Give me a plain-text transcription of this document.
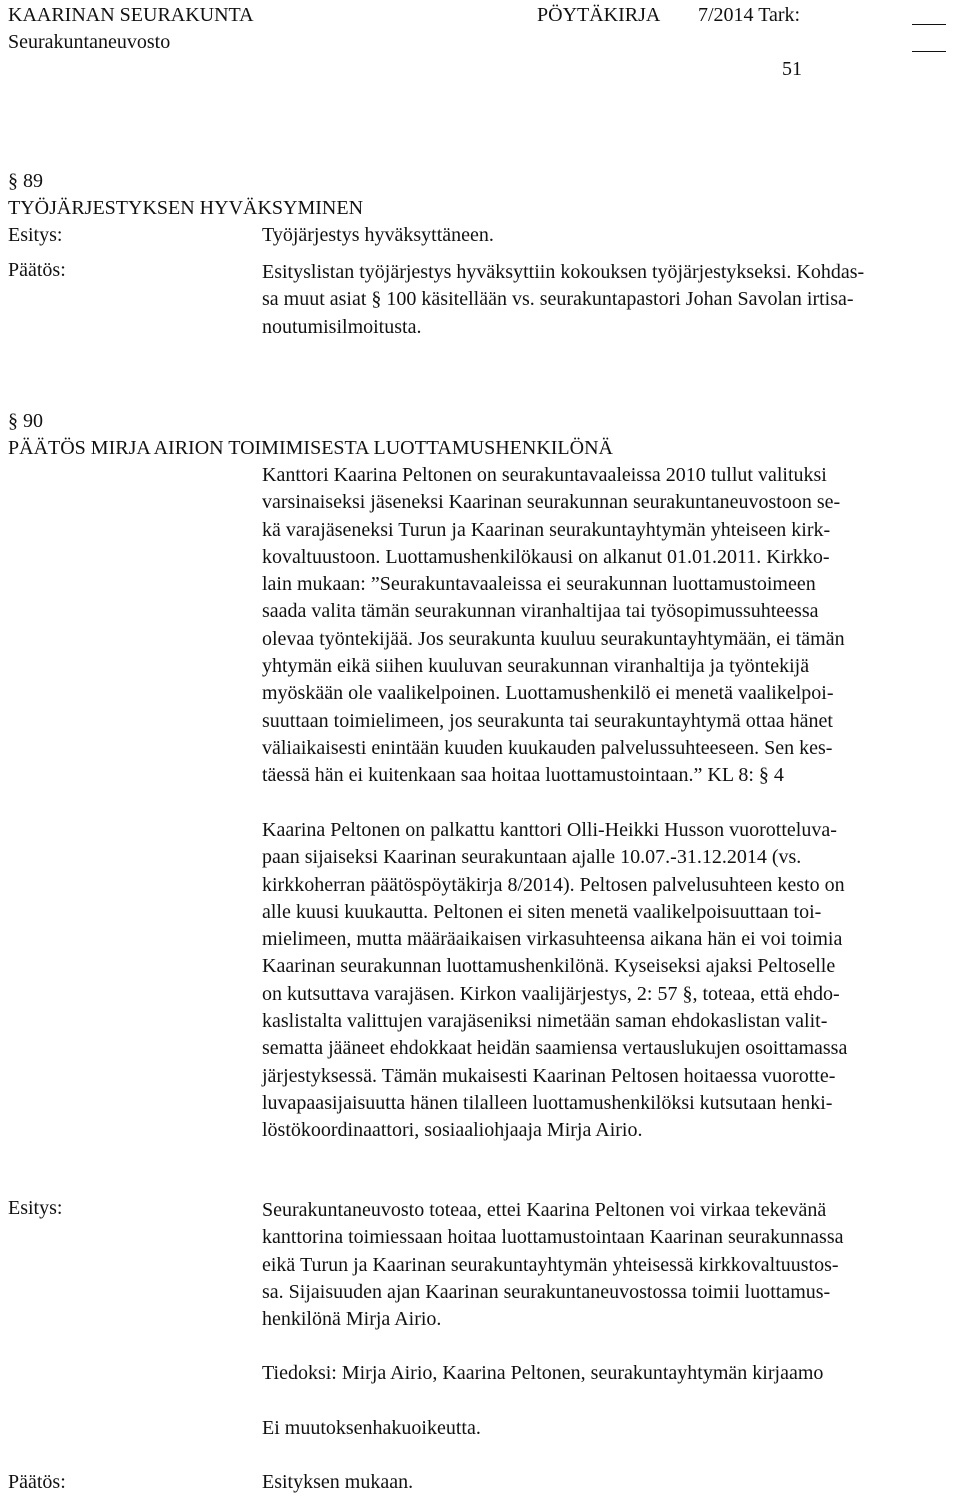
KAARINAN SEURAKUNTA	PÖYTÄKIRJA 7/2014 Tark:
Seurakuntaneuvosto
51
§ 89
TYÖJÄRJESTYKSEN HYVÄKSYMINEN
Esitys:	Työjärjestys hyväksyttäneen.
Päätös:	Esityslistan työjärjestys hyväksyttiin kokouksen työjärjestykseksi. Kohdas-
sa muut asiat § 100 käsitellään vs. seurakuntapastori Johan Savolan irtisa-
noutumisilmoitusta.
§ 90
PÄÄTÖS MIRJA AIRION TOIMIMISESTA LUOTTAMUSHENKILÖNÄ
Kanttori Kaarina Peltonen on seurakuntavaaleissa 2010 tullut valituksi
varsinaiseksi jäseneksi Kaarinan seurakunnan seurakuntaneuvostoon se-
kä varajäseneksi Turun ja Kaarinan seurakuntayhtymän yhteiseen kirk-
kovaltuustoon. Luottamushenkilökausi on alkanut 01.01.2011. Kirkko-
lain mukaan: ”Seurakuntavaaleissa ei seurakunnan luottamustoimeen
saada valita tämän seurakunnan viranhaltijaa tai työsopimussuhteessa
olevaa työntekijää. Jos seurakunta kuuluu seurakuntayhtymään, ei tämän
yhtymän eikä siihen kuuluvan seurakunnan viranhaltija ja työntekijä
myöskään ole vaalikelpoinen. Luottamushenkilö ei menetä vaalikelpoi-
suuttaan toimielimeen, jos seurakunta tai seurakuntayhtymä ottaa hänet
väliaikaisesti enintään kuuden kuukauden palvelussuhteeseen. Sen kes-
täessä hän ei kuitenkaan saa hoitaa luottamustointaan.” KL 8: § 4
Kaarina Peltonen on palkattu kanttori Olli-Heikki Husson vuorotteluva-
paan sijaiseksi Kaarinan seurakuntaan ajalle 10.07.-31.12.2014 (vs.
kirkkoherran päätöspöytäkirja 8/2014). Peltosen palvelusuhteen kesto on
alle kuusi kuukautta. Peltonen ei siten menetä vaalikelpoisuuttaan toi-
mielimeen, mutta määräaikaisen virkasuhteensa aikana hän ei voi toimia
Kaarinan seurakunnan luottamushenkilönä. Kyseiseksi ajaksi Peltoselle
on kutsuttava varajäsen. Kirkon vaalijärjestys, 2: 57 §, toteaa, että ehdo-
kaslistalta valittujen varajäseniksi nimetään saman ehdokaslistan valit-
sematta jääneet ehdokkaat heidän saamiensa vertauslukujen osoittamassa
järjestyksessä. Tämän mukaisesti Kaarinan Peltosen hoitaessa vuorotte-
luvapaasijaisuutta hänen tilalleen luottamushenkilöksi kutsutaan henki-
löstökoordinaattori, sosiaaliohjaaja Mirja Airio.
Esitys:	Seurakuntaneuvosto toteaa, ettei Kaarina Peltonen voi virkaa tekevänä
kanttorina toimiessaan hoitaa luottamustointaan Kaarinan seurakunnassa
eikä Turun ja Kaarinan seurakuntayhtymän yhteisessä kirkkovaltuustos-
sa. Sijaisuuden ajan Kaarinan seurakuntaneuvostossa toimii luottamus-
henkilönä Mirja Airio.
Tiedoksi: Mirja Airio, Kaarina Peltonen, seurakuntayhtymän kirjaamo
Ei muutoksenhakuoikeutta.
Päätös:	Esityksen mukaan.
